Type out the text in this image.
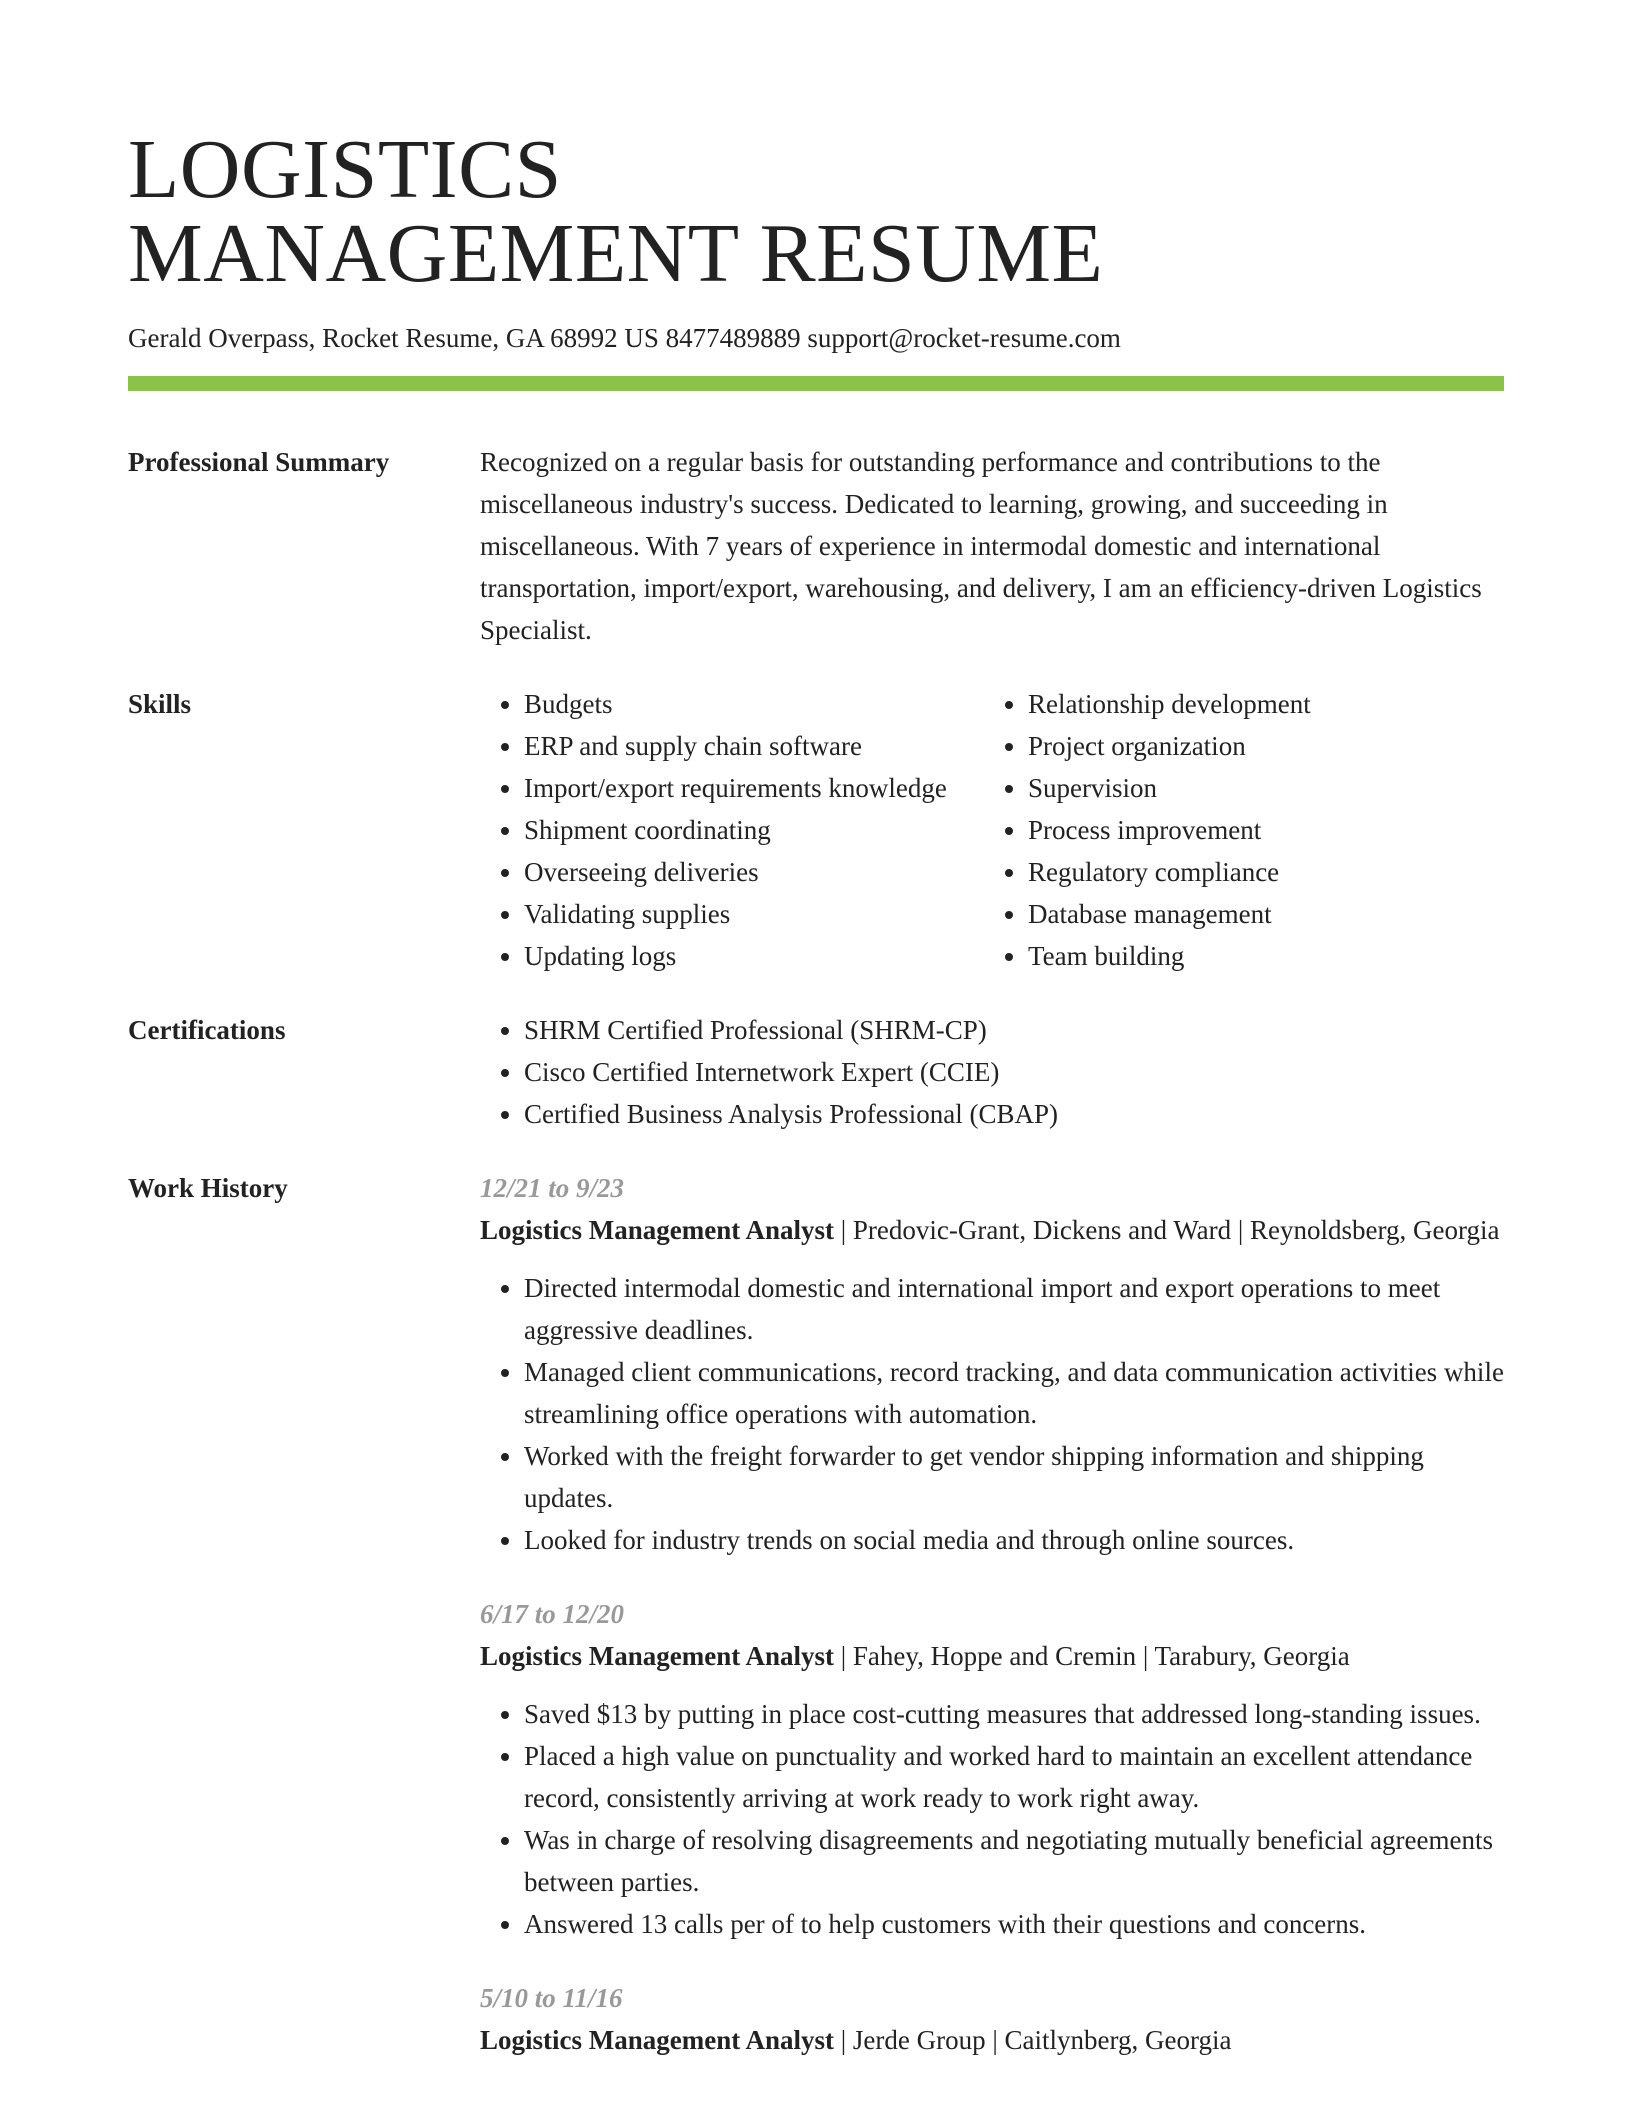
LOGISTICS
MANAGEMENT RESUME
Gerald Overpass, Rocket Resume, GA 68992 US 8477489889 support@rocket-resume.com
Professional Summary	Recognized on a regular basis for outstanding performance and contributions to the miscellaneous industry's success. Dedicated to learning, growing, and succeeding in miscellaneous. With 7 years of experience in intermodal domestic and international transportation, import/export, warehousing, and delivery, I am an efficiency-driven Logistics Specialist.

Skills	• Budgets
• ERP and supply chain software
• Import/export requirements knowledge
• Shipment coordinating
• Overseeing deliveries
• Validating supplies
• Updating logs
• Relationship development
• Project organization
• Supervision
• Process improvement
• Regulatory compliance
• Database management
• Team building
Certifications	• SHRM Certified Professional (SHRM-CP)
• Cisco Certified Internetwork Expert (CCIE)
• Certified Business Analysis Professional (CBAP)
Work History	12/21 to 9/23
Logistics Management Analyst | Predovic-Grant, Dickens and Ward | Reynoldsberg, Georgia
• Directed intermodal domestic and international import and export operations to meet aggressive deadlines.
• Managed client communications, record tracking, and data communication activities while streamlining office operations with automation.
• Worked with the freight forwarder to get vendor shipping information and shipping updates.
• Looked for industry trends on social media and through online sources.
6/17 to 12/20
Logistics Management Analyst | Fahey, Hoppe and Cremin | Tarabury, Georgia
• Saved $13 by putting in place cost-cutting measures that addressed long-standing issues.
• Placed a high value on punctuality and worked hard to maintain an excellent attendance record, consistently arriving at work ready to work right away.
• Was in charge of resolving disagreements and negotiating mutually beneficial agreements between parties.
• Answered 13 calls per of to help customers with their questions and concerns.
5/10 to 11/16
Logistics Management Analyst | Jerde Group | Caitlynberg, Georgia
